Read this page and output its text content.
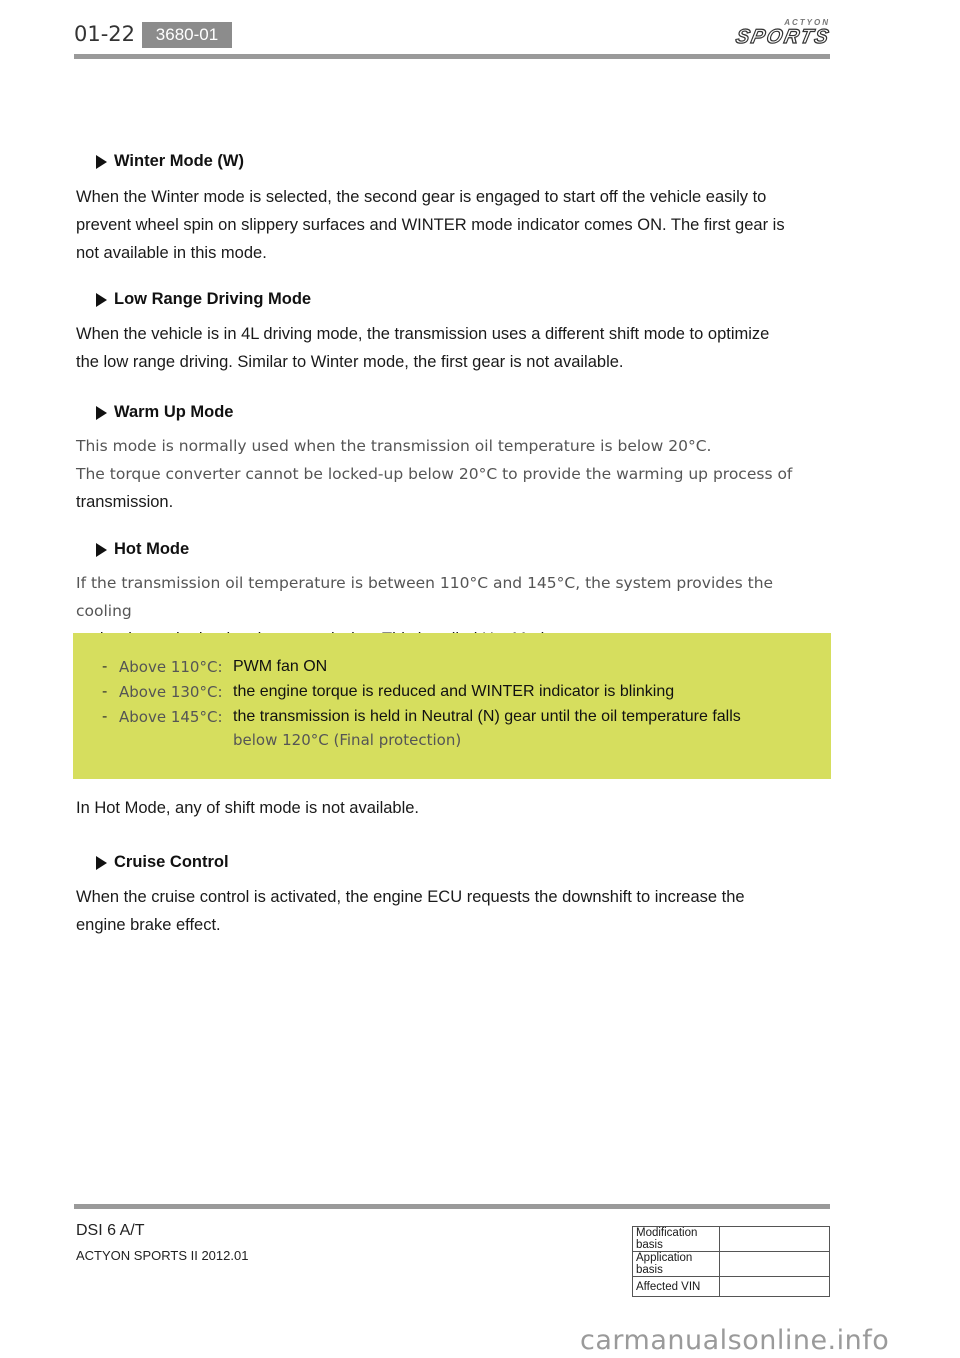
01-22	3680-01
ACTYON
SPORTS
Winter Mode (W)
When the Winter mode is selected, the second gear is engaged to start off the vehicle easily to
prevent wheel spin on slippery surfaces and WINTER mode indicator comes ON. The first gear is
not available in this mode.
Low Range Driving Mode
When the vehicle is in 4L driving mode, the transmission uses a different shift mode to optimize
the low range driving. Similar to Winter mode, the first gear is not available.
Warm Up Mode
This mode is normally used when the transmission oil temperature is below 20°C.
The torque converter cannot be locked-up below 20°C to provide the warming up process of
transmission.
Hot Mode
If the transmission oil temperature is between 110°C and 145°C, the system provides the cooling
- Above 110°C: PWM fan ON
- Above 130°C: the engine torque is reduced and WINTER indicator is blinking
- Above 145°C: the transmission is held in Neutral (N) gear until the oil temperature falls
below 120°C (Final protection)
In Hot Mode, any of shift mode is not available.
Cruise Control
When the cruise control is activated, the engine ECU requests the downshift to increase the
engine brake effect.
DSI 6 A/T
ACTYON SPORTS II 2012.01
Modification basis	
Application basis	
Affected VIN	
carmanualsonline.info
